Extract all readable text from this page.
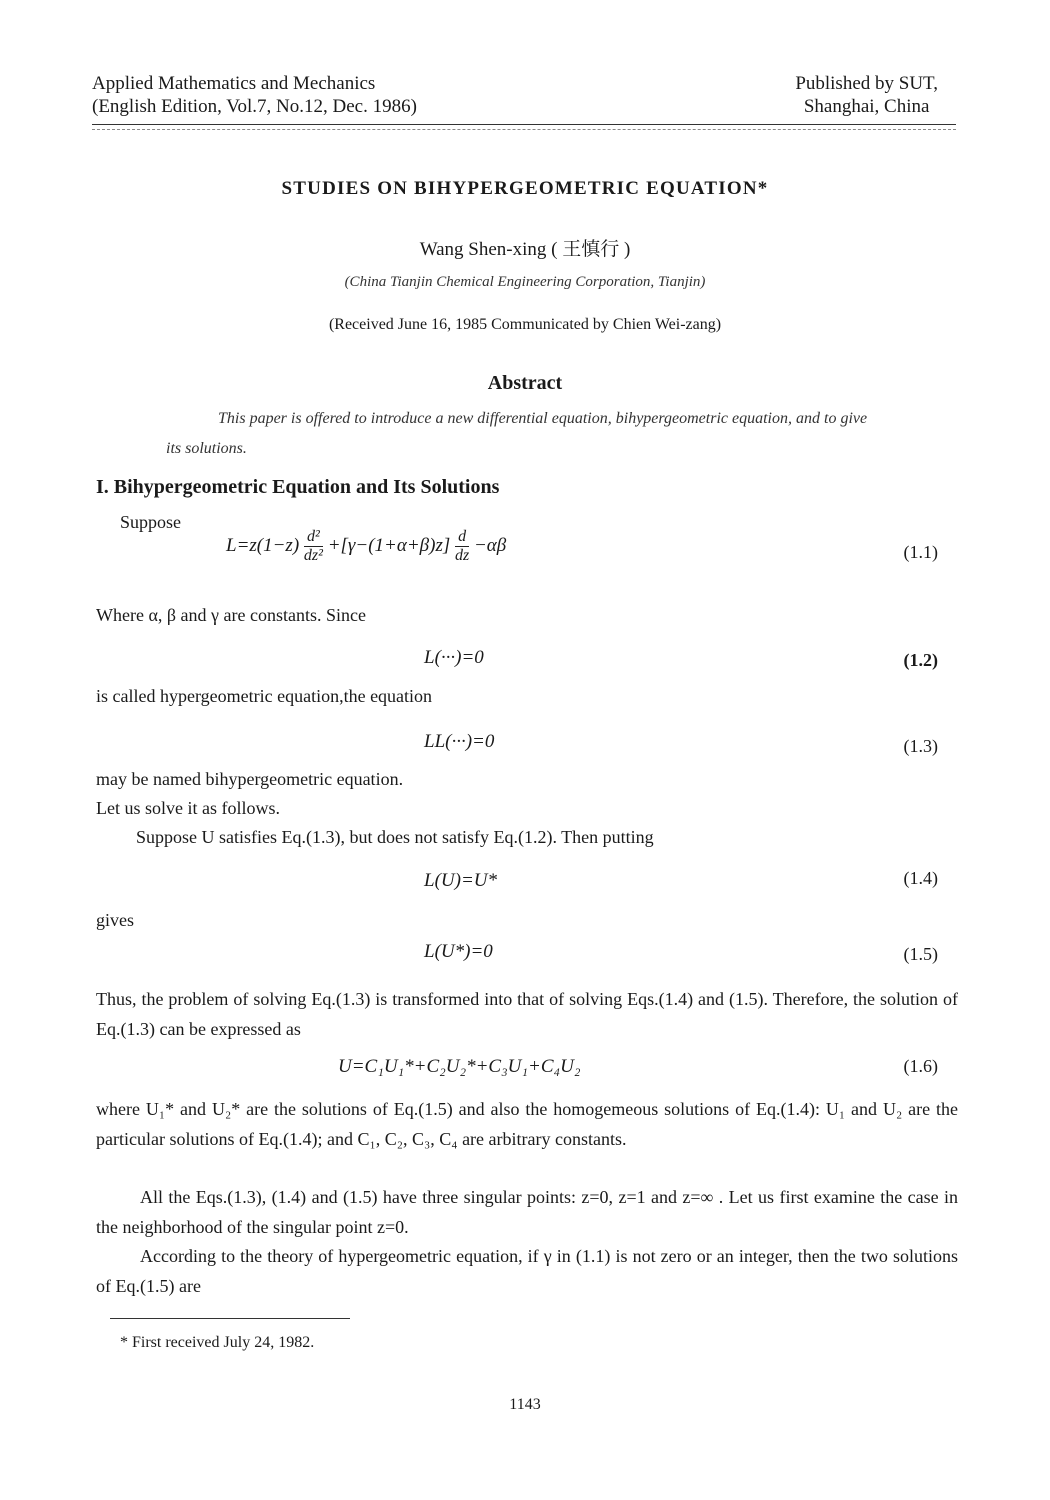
Applied Mathematics and Mechanics
(English Edition, Vol.7, No.12, Dec. 1986)
Published by SUT,
Shanghai, China
STUDIES ON BIHYPERGEOMETRIC EQUATION*
Wang Shen-xing ( 王慎行 )
(China Tianjin Chemical Engineering Corporation, Tianjin)
(Received June 16, 1985 Communicated by Chien Wei-zang)
Abstract
This paper is offered to introduce a new differential equation, bihypergeometric equation, and to give its solutions.
I. Bihypergeometric Equation and Its Solutions
Suppose
$L=z(1-z) \frac{\text{d²}}{\text{dz²}} +[\gamma-(1+\alpha+\beta)z] \frac{d}{dz} -\alpha\beta$	(1.1)
Where α, β and γ are constants. Since
L(···)=0	(1.2)
is called hypergeometric equation,the equation
LL(···)=0	(1.3)
may be named bihypergeometric equation.
Let us solve it as follows.
Suppose U satisfies Eq.(1.3), but does not satisfy Eq.(1.2). Then putting
L(U)=U*	(1.4)
gives
L(U*)=0	(1.5)
Thus, the problem of solving Eq.(1.3) is transformed into that of solving Eqs.(1.4) and (1.5). Therefore, the solution of Eq.(1.3) can be expressed as
U=C₁U₁*+C₂U₂*+C₃U₁+C₄U₂	(1.6)
where U₁* and U₂* are the solutions of Eq.(1.5) and also the homogemeous solutions of Eq.(1.4): U₁ and U₂ are the particular solutions of Eq.(1.4); and C₁, C₂, C₃, C₄ are arbitrary constants.
All the Eqs.(1.3), (1.4) and (1.5) have three singular points: z=0, z=1 and z=∞ . Let us first examine the case in the neighborhood of the singular point z=0.
According to the theory of hypergeometric equation, if γ in (1.1) is not zero or an integer, then the two solutions of Eq.(1.5) are
* First received July 24, 1982.
1143
